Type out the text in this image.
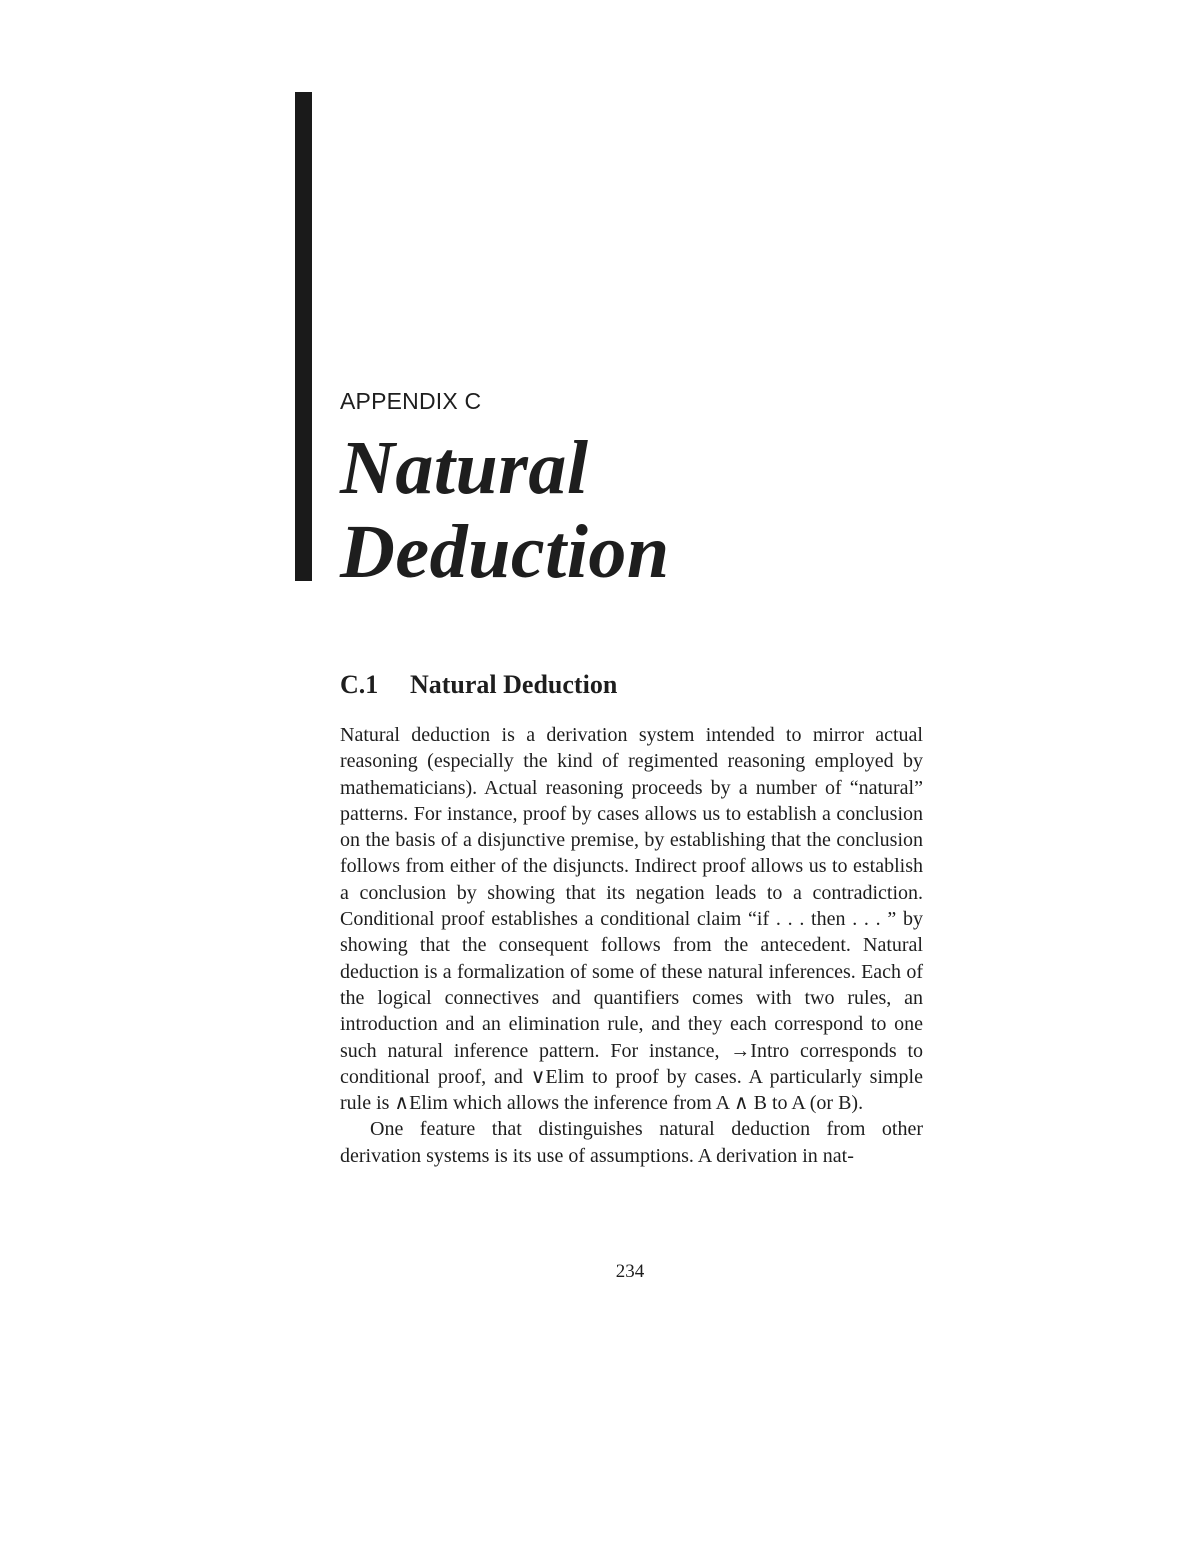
APPENDIX C
Natural
Deduction
C.1 Natural Deduction

Natural deduction is a derivation system intended to mirror actual reasoning (especially the kind of regimented reasoning employed by mathematicians). Actual reasoning proceeds by a number of “natural” patterns. For instance, proof by cases allows us to establish a conclusion on the basis of a disjunctive premise, by establishing that the conclusion follows from either of the disjuncts. Indirect proof allows us to establish a conclusion by showing that its negation leads to a contradiction. Conditional proof establishes a conditional claim “if . . . then . . . ” by showing that the consequent follows from the antecedent. Natural deduction is a formalization of some of these natural inferences. Each of the logical connectives and quantifiers comes with two rules, an introduction and an elimination rule, and they each correspond to one such natural inference pattern. For instance, →Intro corresponds to conditional proof, and ∨Elim to proof by cases. A particularly simple rule is ∧Elim which allows the inference from A ∧ B to A (or B).

One feature that distinguishes natural deduction from other derivation systems is its use of assumptions. A derivation in nat-

234
